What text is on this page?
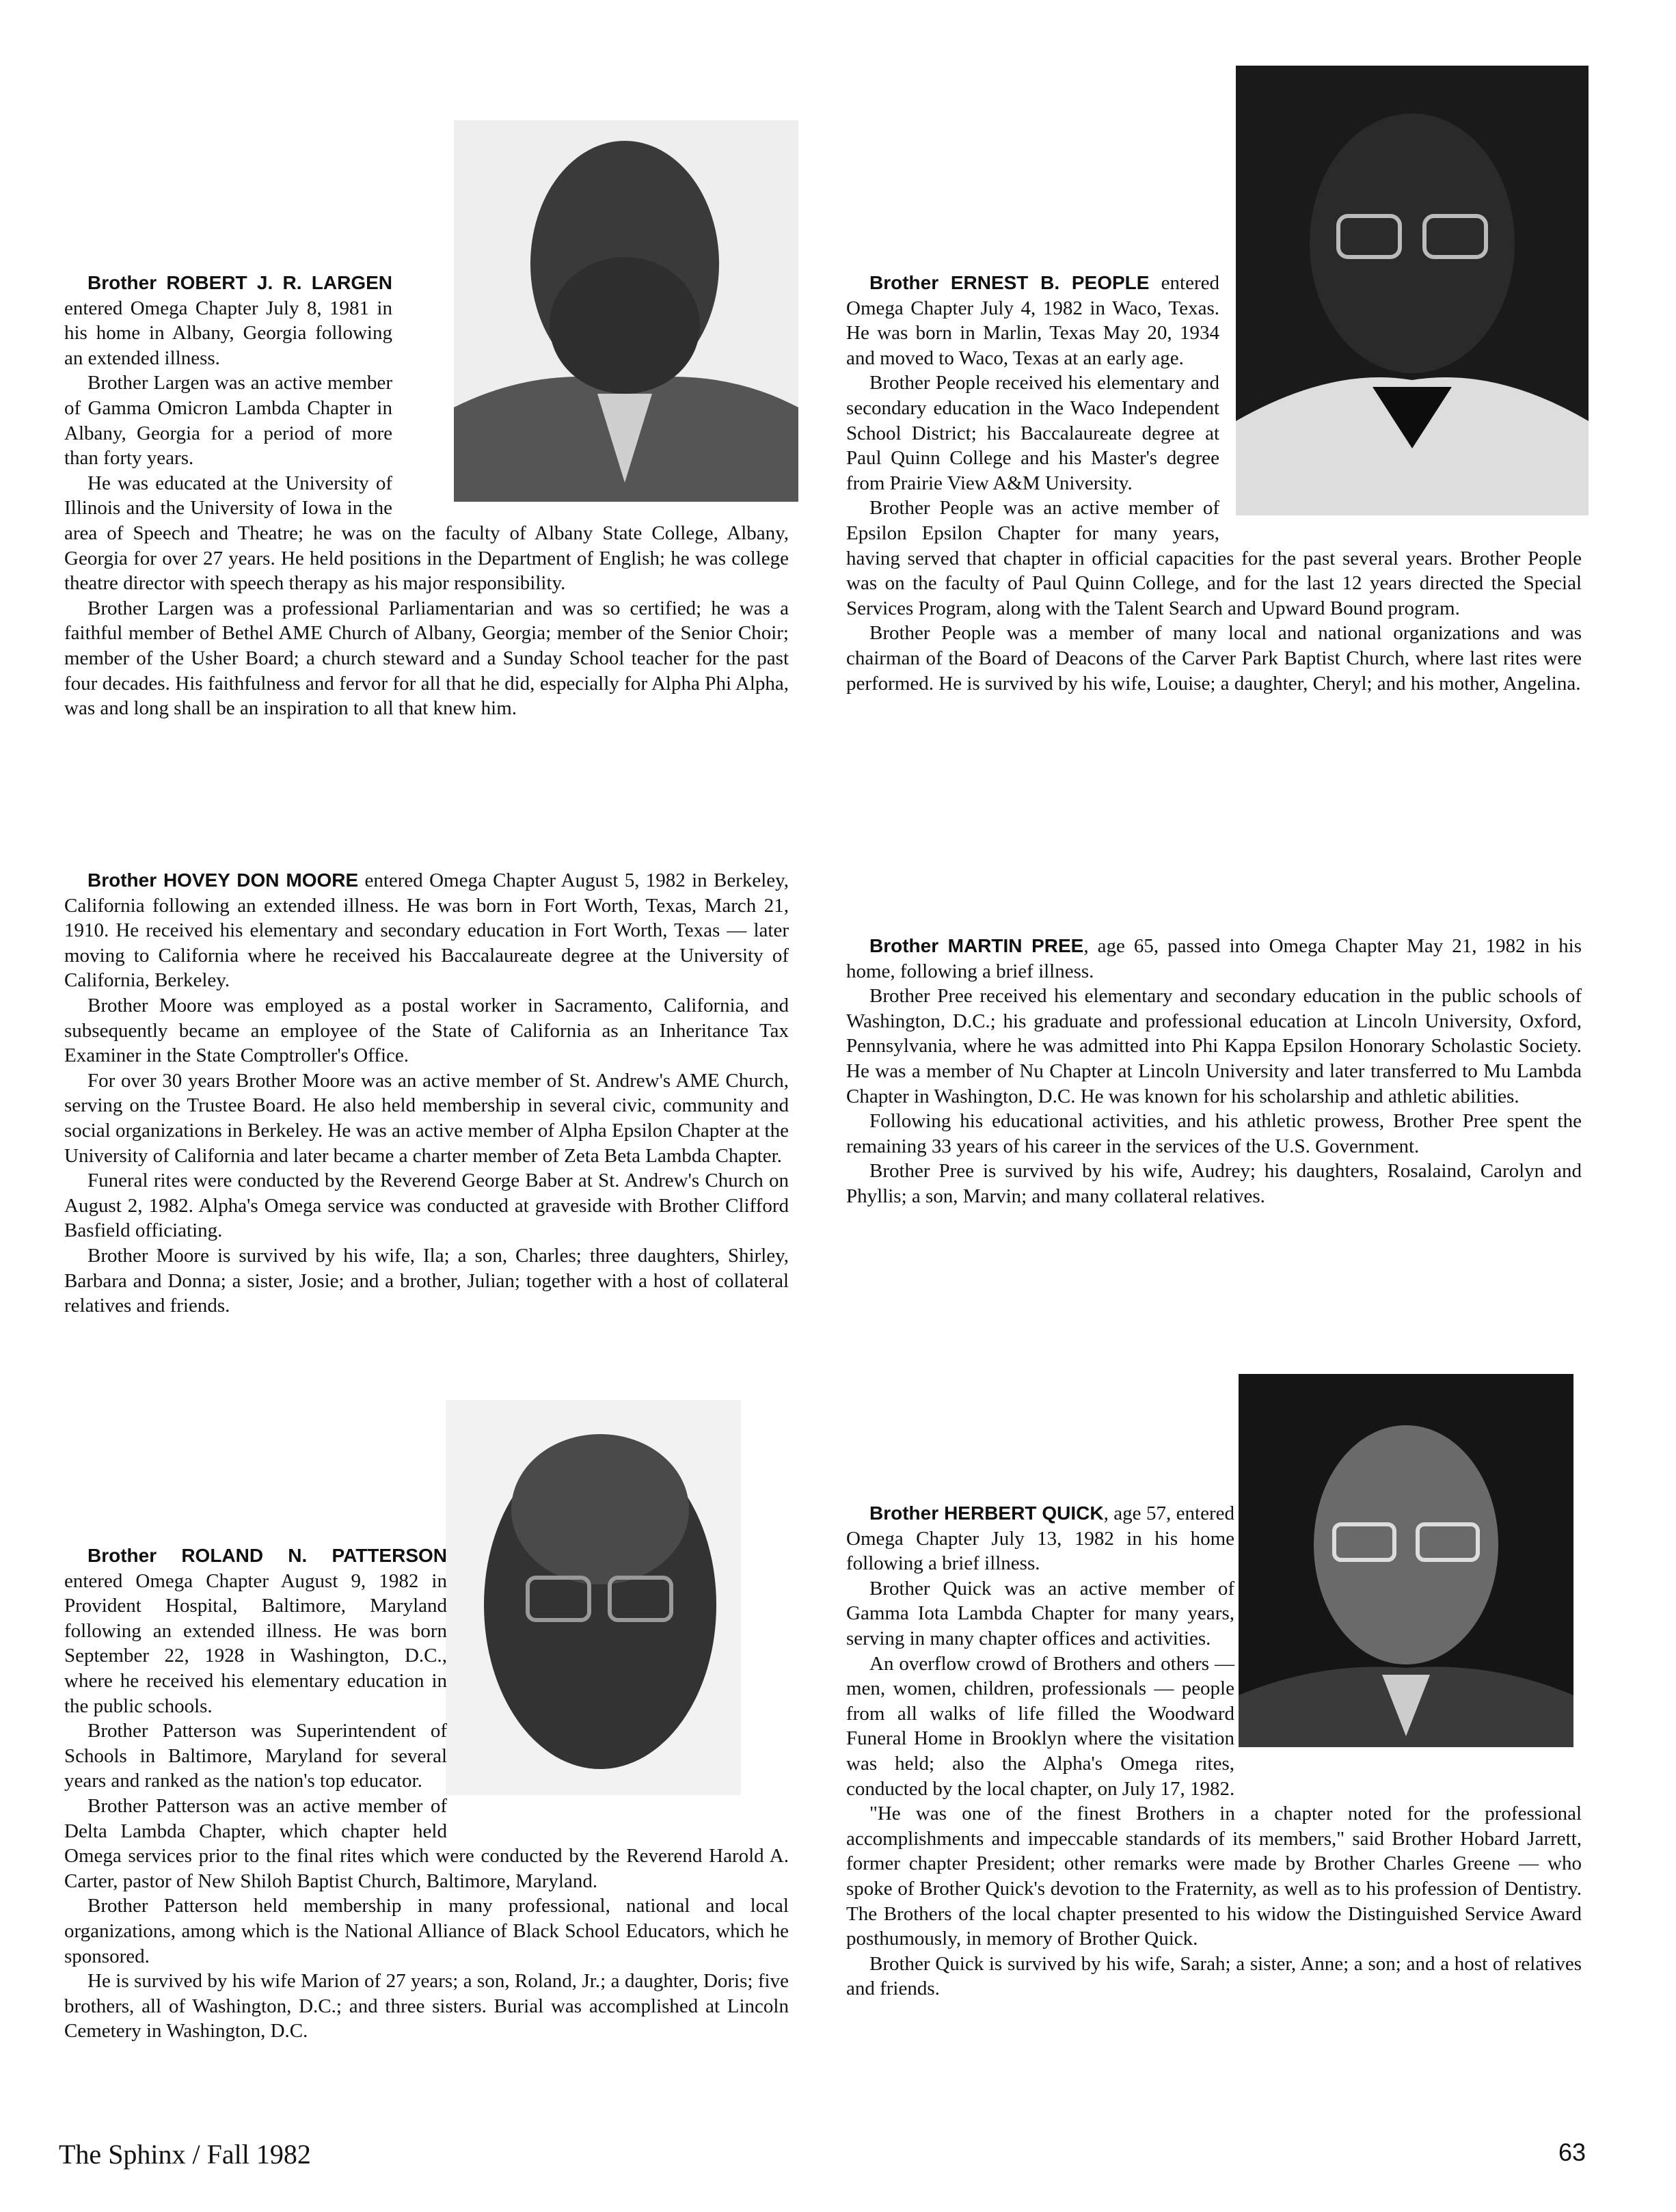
Brother ROBERT J. R. LARGEN entered Omega Chapter July 8, 1981 in his home in Albany, Georgia following an extended illness.

Brother Largen was an active member of Gamma Omicron Lambda Chapter in Albany, Georgia for a period of more than forty years.

He was educated at the University of Illinois and the University of Iowa in the area of Speech and Theatre; he was on the faculty of Albany State College, Albany, Georgia for over 27 years. He held positions in the Department of English; he was college theatre director with speech therapy as his major responsibility.

Brother Largen was a professional Parliamentarian and was so certified; he was a faithful member of Bethel AME Church of Albany, Georgia; member of the Senior Choir; member of the Usher Board; a church steward and a Sunday School teacher for the past four decades. His faithfulness and fervor for all that he did, especially for Alpha Phi Alpha, was and long shall be an inspiration to all that knew him.

Brother ERNEST B. PEOPLE entered Omega Chapter July 4, 1982 in Waco, Texas. He was born in Marlin, Texas May 20, 1934 and moved to Waco, Texas at an early age.

Brother People received his elementary and secondary education in the Waco Independent School District; his Baccalaureate degree at Paul Quinn College and his Master's degree from Prairie View A&M University.

Brother People was an active member of Epsilon Epsilon Chapter for many years, having served that chapter in official capacities for the past several years. Brother People was on the faculty of Paul Quinn College, and for the last 12 years directed the Special Services Program, along with the Talent Search and Upward Bound program.

Brother People was a member of many local and national organizations and was chairman of the Board of Deacons of the Carver Park Baptist Church, where last rites were performed. He is survived by his wife, Louise; a daughter, Cheryl; and his mother, Angelina.

Brother HOVEY DON MOORE entered Omega Chapter August 5, 1982 in Berkeley, California following an extended illness. He was born in Fort Worth, Texas, March 21, 1910. He received his elementary and secondary education in Fort Worth, Texas — later moving to California where he received his Baccalaureate degree at the University of California, Berkeley.

Brother Moore was employed as a postal worker in Sacramento, California, and subsequently became an employee of the State of California as an Inheritance Tax Examiner in the State Comptroller's Office.

For over 30 years Brother Moore was an active member of St. Andrew's AME Church, serving on the Trustee Board. He also held membership in several civic, community and social organizations in Berkeley. He was an active member of Alpha Epsilon Chapter at the University of California and later became a charter member of Zeta Beta Lambda Chapter.

Funeral rites were conducted by the Reverend George Baber at St. Andrew's Church on August 2, 1982. Alpha's Omega service was conducted at graveside with Brother Clifford Basfield officiating.

Brother Moore is survived by his wife, Ila; a son, Charles; three daughters, Shirley, Barbara and Donna; a sister, Josie; and a brother, Julian; together with a host of collateral relatives and friends.

Brother MARTIN PREE, age 65, passed into Omega Chapter May 21, 1982 in his home, following a brief illness.

Brother Pree received his elementary and secondary education in the public schools of Washington, D.C.; his graduate and professional education at Lincoln University, Oxford, Pennsylvania, where he was admitted into Phi Kappa Epsilon Honorary Scholastic Society. He was a member of Nu Chapter at Lincoln University and later transferred to Mu Lambda Chapter in Washington, D.C. He was known for his scholarship and athletic abilities.

Following his educational activities, and his athletic prowess, Brother Pree spent the remaining 33 years of his career in the services of the U.S. Government.

Brother Pree is survived by his wife, Audrey; his daughters, Rosalaind, Carolyn and Phyllis; a son, Marvin; and many collateral relatives.

Brother ROLAND N. PATTERSON entered Omega Chapter August 9, 1982 in Provident Hospital, Baltimore, Maryland following an extended illness. He was born September 22, 1928 in Washington, D.C., where he received his elementary education in the public schools.

Brother Patterson was Superintendent of Schools in Baltimore, Maryland for several years and ranked as the nation's top educator.

Brother Patterson was an active member of Delta Lambda Chapter, which chapter held Omega services prior to the final rites which were conducted by the Reverend Harold A. Carter, pastor of New Shiloh Baptist Church, Baltimore, Maryland.

Brother Patterson held membership in many professional, national and local organizations, among which is the National Alliance of Black School Educators, which he sponsored.

He is survived by his wife Marion of 27 years; a son, Roland, Jr.; a daughter, Doris; five brothers, all of Washington, D.C.; and three sisters. Burial was accomplished at Lincoln Cemetery in Washington, D.C.

Brother HERBERT QUICK, age 57, entered Omega Chapter July 13, 1982 in his home following a brief illness.

Brother Quick was an active member of Gamma Iota Lambda Chapter for many years, serving in many chapter offices and activities.

An overflow crowd of Brothers and others — men, women, children, professionals — people from all walks of life filled the Woodward Funeral Home in Brooklyn where the visitation was held; also the Alpha's Omega rites, conducted by the local chapter, on July 17, 1982.

"He was one of the finest Brothers in a chapter noted for the professional accomplishments and impeccable standards of its members," said Brother Hobard Jarrett, former chapter President; other remarks were made by Brother Charles Greene — who spoke of Brother Quick's devotion to the Fraternity, as well as to his profession of Dentistry. The Brothers of the local chapter presented to his widow the Distinguished Service Award posthumously, in memory of Brother Quick.

Brother Quick is survived by his wife, Sarah; a sister, Anne; a son; and a host of relatives and friends.

The Sphinx / Fall 1982	63
